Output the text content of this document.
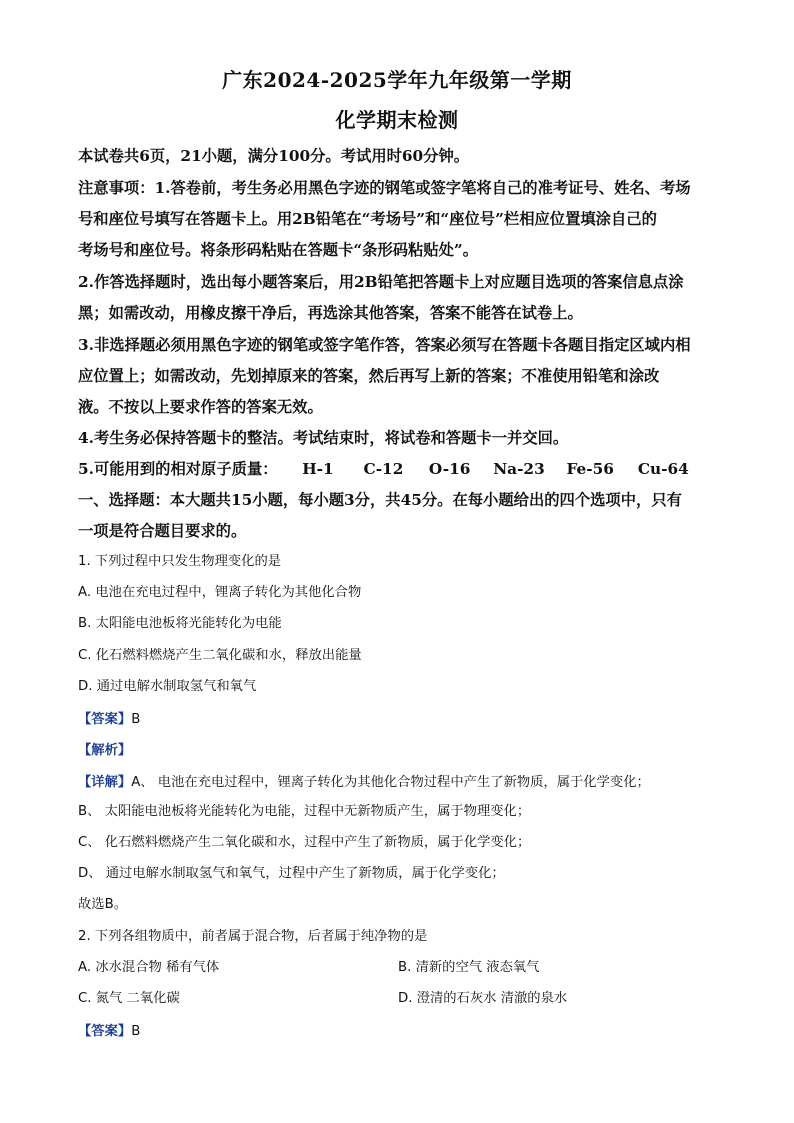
广东2024-2025学年九年级第一学期
化学期末检测
本试卷共6页，21小题，满分100分。考试用时60分钟。
注意事项：1.答卷前，考生务必用黑色字迹的钢笔或签字笔将自己的准考证号、姓名、考场
号和座位号填写在答题卡上。用2B铅笔在“考场号”和“座位号”栏相应位置填涂自己的
考场号和座位号。将条形码粘贴在答题卡“条形码粘贴处”。
2.作答选择题时，选出每小题答案后，用2B铅笔把答题卡上对应题目选项的答案信息点涂
黑；如需改动，用橡皮擦干净后，再选涂其他答案，答案不能答在试卷上。
3.非选择题必须用黑色字迹的钢笔或签字笔作答，答案必须写在答题卡各题目指定区域内相
应位置上；如需改动，先划掉原来的答案，然后再写上新的答案；不准使用铅笔和涂改
液。不按以上要求作答的答案无效。
4.考生务必保持答题卡的整洁。考试结束时，将试卷和答题卡一并交回。
5.可能用到的相对原子质量： H-1 C-12 O-16 Na-23 Fe-56 Cu-64
一、选择题：本大题共15小题，每小题3分，共45分。在每小题给出的四个选项中，只有
一项是符合题目要求的。
1. 下列过程中只发生物理变化的是
A. 电池在充电过程中，锂离子转化为其他化合物
B. 太阳能电池板将光能转化为电能
C. 化石燃料燃烧产生二氧化碳和水，释放出能量
D. 通过电解水制取氢气和氧气
【答案】B
【解析】
【详解】A、 电池在充电过程中，锂离子转化为其他化合物过程中产生了新物质，属于化学变化；
B、 太阳能电池板将光能转化为电能，过程中无新物质产生，属于物理变化；
C、 化石燃料燃烧产生二氧化碳和水，过程中产生了新物质，属于化学变化；
D、 通过电解水制取氢气和氧气，过程中产生了新物质，属于化学变化；
故选B。
2. 下列各组物质中，前者属于混合物，后者属于纯净物的是
A. 冰水混合物 稀有气体	B. 清新的空气 液态氧气
C. 氮气 二氧化碳	D. 澄清的石灰水 清澈的泉水
【答案】B
